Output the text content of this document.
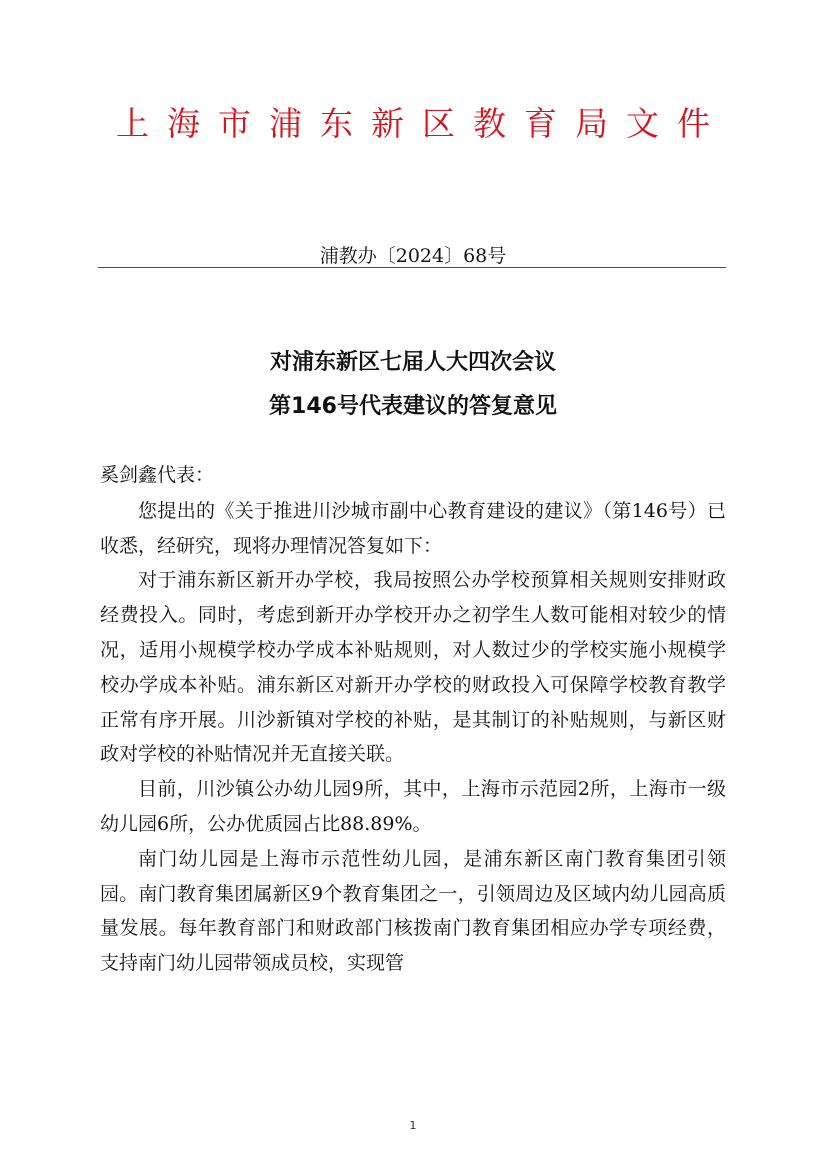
上海市浦东新区教育局文件
浦教办〔2024〕68号
对浦东新区七届人大四次会议
第146号代表建议的答复意见

奚剑鑫代表：

您提出的《关于推进川沙城市副中心教育建设的建议》（第146号）已收悉，经研究，现将办理情况答复如下：

对于浦东新区新开办学校，我局按照公办学校预算相关规则安排财政经费投入。同时，考虑到新开办学校开办之初学生人数可能相对较少的情况，适用小规模学校办学成本补贴规则，对人数过少的学校实施小规模学校办学成本补贴。浦东新区对新开办学校的财政投入可保障学校教育教学正常有序开展。川沙新镇对学校的补贴，是其制订的补贴规则，与新区财政对学校的补贴情况并无直接关联。

目前，川沙镇公办幼儿园9所，其中，上海市示范园2所，上海市一级幼儿园6所，公办优质园占比88.89%。

南门幼儿园是上海市示范性幼儿园，是浦东新区南门教育集团引领园。南门教育集团属新区9个教育集团之一，引领周边及区域内幼儿园高质量发展。每年教育部门和财政部门核拨南门教育集团相应办学专项经费，支持南门幼儿园带领成员校，实现管

1
